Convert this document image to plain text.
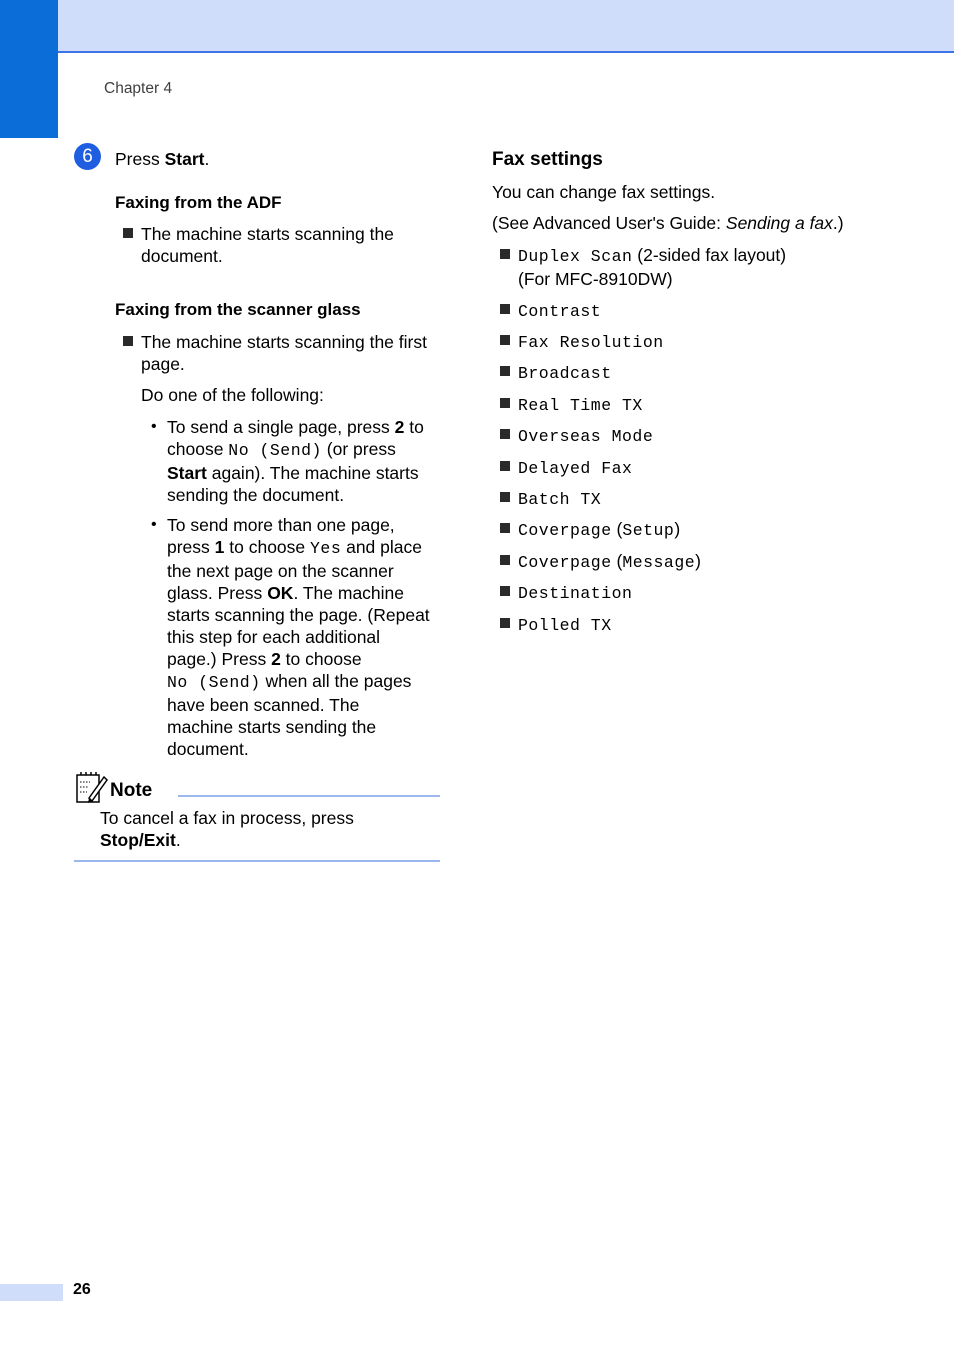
Chapter 4
6	Press Start.
Faxing from the ADF
The machine starts scanning the
document.
Faxing from the scanner glass
The machine starts scanning the first
page.
Do one of the following:
• To send a single page, press 2 to
choose No (Send) (or press
Start again). The machine starts
sending the document.
• To send more than one page,
press 1 to choose Yes and place
the next page on the scanner
glass. Press OK. The machine
starts scanning the page. (Repeat
this step for each additional
page.) Press 2 to choose
No (Send) when all the pages
have been scanned. The
machine starts sending the
document.
Note
To cancel a fax in process, press
Stop/Exit.
Fax settings
You can change fax settings.
(See Advanced User's Guide: Sending a fax.)
Duplex Scan (2-sided fax layout)
(For MFC-8910DW)
Contrast
Fax Resolution
Broadcast
Real Time TX
Overseas Mode
Delayed Fax
Batch TX
Coverpage (Setup)
Coverpage (Message)
Destination
Polled TX
26
